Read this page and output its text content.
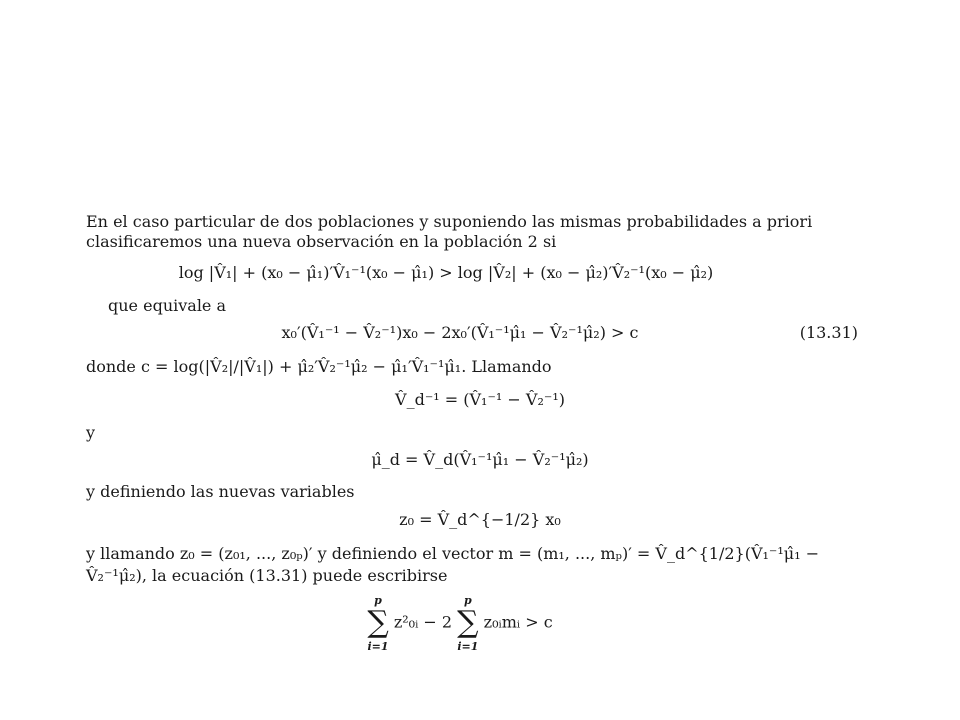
En el caso particular de dos poblaciones y suponiendo las mismas probabilidades a priori
clasificaremos una nueva observación en la población 2 si
log |V̂₁| + (x₀ − μ̂₁)′V̂₁⁻¹(x₀ − μ̂₁) > log |V̂₂| + (x₀ − μ̂₂)′V̂₂⁻¹(x₀ − μ̂₂)
que equivale a
x₀′(V̂₁⁻¹ − V̂₂⁻¹)x₀ − 2x₀′(V̂₁⁻¹μ̂₁ − V̂₂⁻¹μ̂₂) > c	(13.31)
donde c = log(|V̂₂|/|V̂₁|) + μ̂₂′V̂₂⁻¹μ̂₂ − μ̂₁′V̂₁⁻¹μ̂₁. Llamando
V̂_d⁻¹ = (V̂₁⁻¹ − V̂₂⁻¹)
y
μ̂_d = V̂_d(V̂₁⁻¹μ̂₁ − V̂₂⁻¹μ̂₂)
y definiendo las nuevas variables
z₀ = V̂_d^{−1/2} x₀
y llamando z₀ = (z₀₁, ..., z₀ₚ)′ y definiendo el vector m = (m₁, ..., mₚ)′ = V̂_d^{1/2}(V̂₁⁻¹μ̂₁ −
V̂₂⁻¹μ̂₂), la ecuación (13.31) puede escribirse
p
∑
i=1 z²₀ᵢ − 2 p
∑
i=1 z₀ᵢmᵢ > c
